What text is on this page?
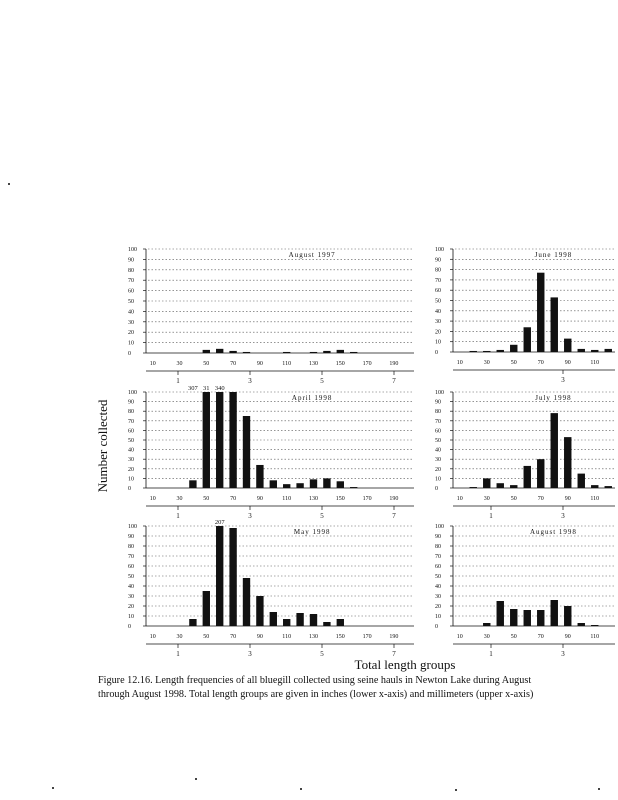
0
10
20
30
40
50
60
70
80
90
100
August 1997
10	30	50	70	90	110	130	150	170	190
1	3	5	7
0
10
20
30
40
50
60
70
80
90
100
June 1998
10	30	50	70	90	110
3
0
10
20
30
40
50
60
70
80
90
100
307 31 340
April 1998
10	30	50	70	90	110	130	150	170	190
1	3	5	7
0
10
20
30
40
50
60
70
80
90
100
July 1998
10	30	50	70	90	110
1	3
0
10
20
30
40
50
60
70
80
90
100
207
May 1998
10	30	50	70	90	110	130	150	170	190
1	3	5	7
0
10
20
30
40
50
60
70
80
90
100
August 1998
10	30	50	70	90	110
1	3
Number collected
Total length groups
Figure 12.16. Length frequencies of all bluegill collected using seine hauls in Newton Lake during August
through August 1998. Total length groups are given in inches (lower x-axis) and millimeters (upper x-axis)
